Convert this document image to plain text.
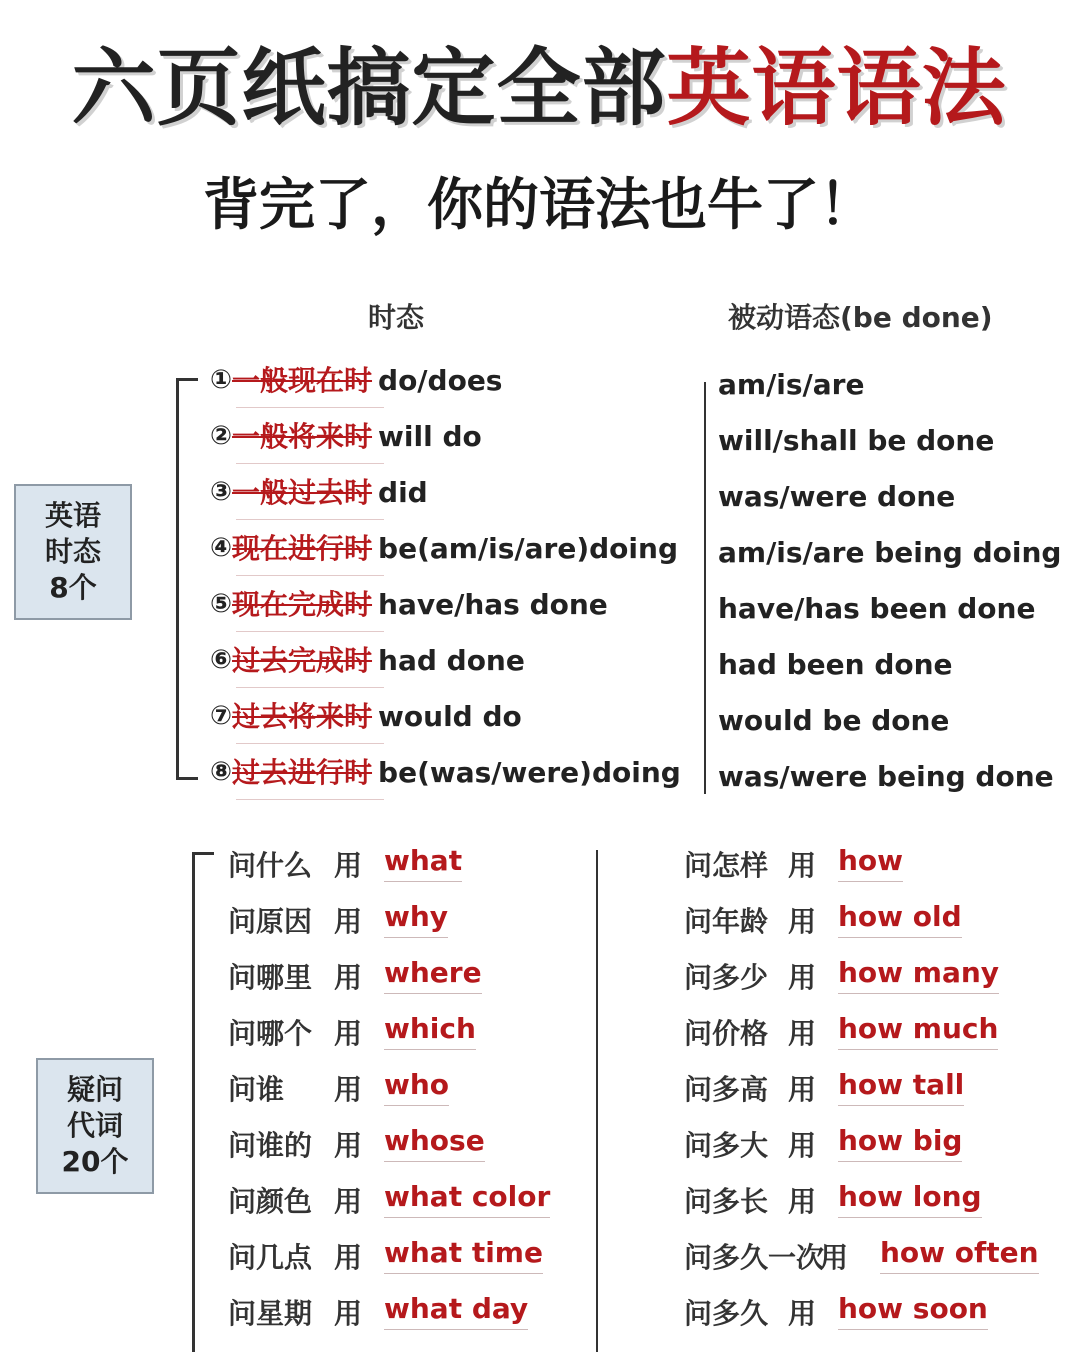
六页纸搞定全部英语语法
背完了，你的语法也牛了！
时态	被动语态(be done)
英语
时态
8个
① 一般现在时 do/does
② 一般将来时 will do
③ 一般过去时 did
④ 现在进行时 be(am/is/are)doing
⑤ 现在完成时 have/has done
⑥ 过去完成时 had done
⑦ 过去将来时 would do
⑧ 过去进行时 be(was/were)doing
am/is/are
will/shall be done
was/were done
am/is/are being doing
have/has been done
had been done
would be done
was/were being done
疑问
代词
20个
问什么 用 what
问原因 用 why
问哪里 用 where
问哪个 用 which
问谁 用 who
问谁的 用 whose
问颜色 用 what color
问几点 用 what time
问星期 用 what day
问怎样 用 how
问年龄 用 how old
问多少 用 how many
问价格 用 how much
问多高 用 how tall
问多大 用 how big
问多长 用 how long
问多久一次
用 how often
问多久 用 how soon
